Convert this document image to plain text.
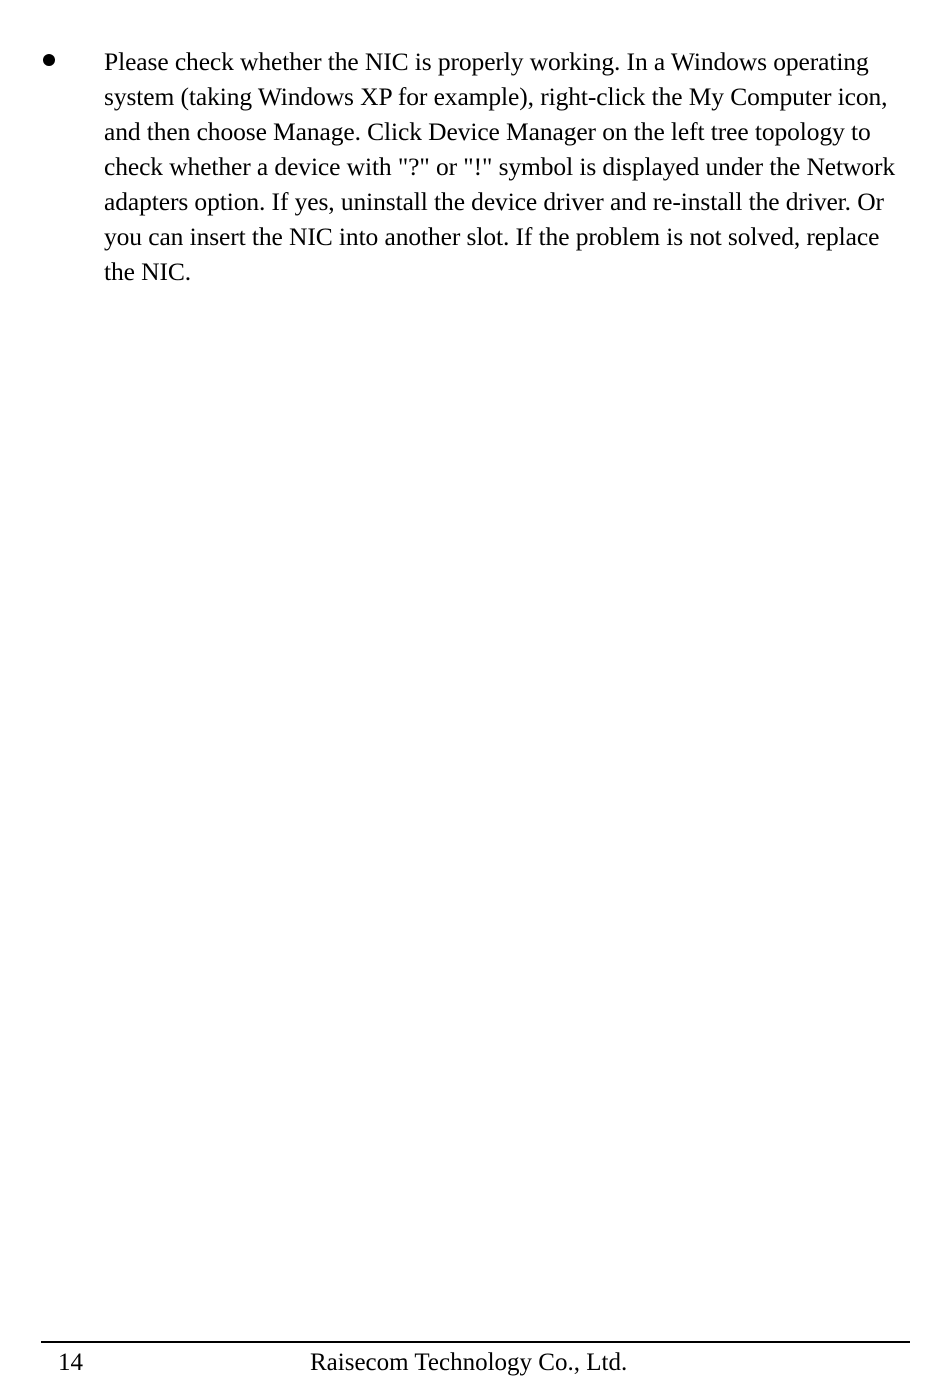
Please check whether the NIC is properly working. In a Windows operating system (taking Windows XP for example), right-click the My Computer icon, and then choose Manage. Click Device Manager on the left tree topology to check whether a device with "?" or "!" symbol is displayed under the Network adapters option. If yes, uninstall the device driver and re-install the driver. Or you can insert the NIC into another slot. If the problem is not solved, replace the NIC.

14	Raisecom Technology Co., Ltd.
